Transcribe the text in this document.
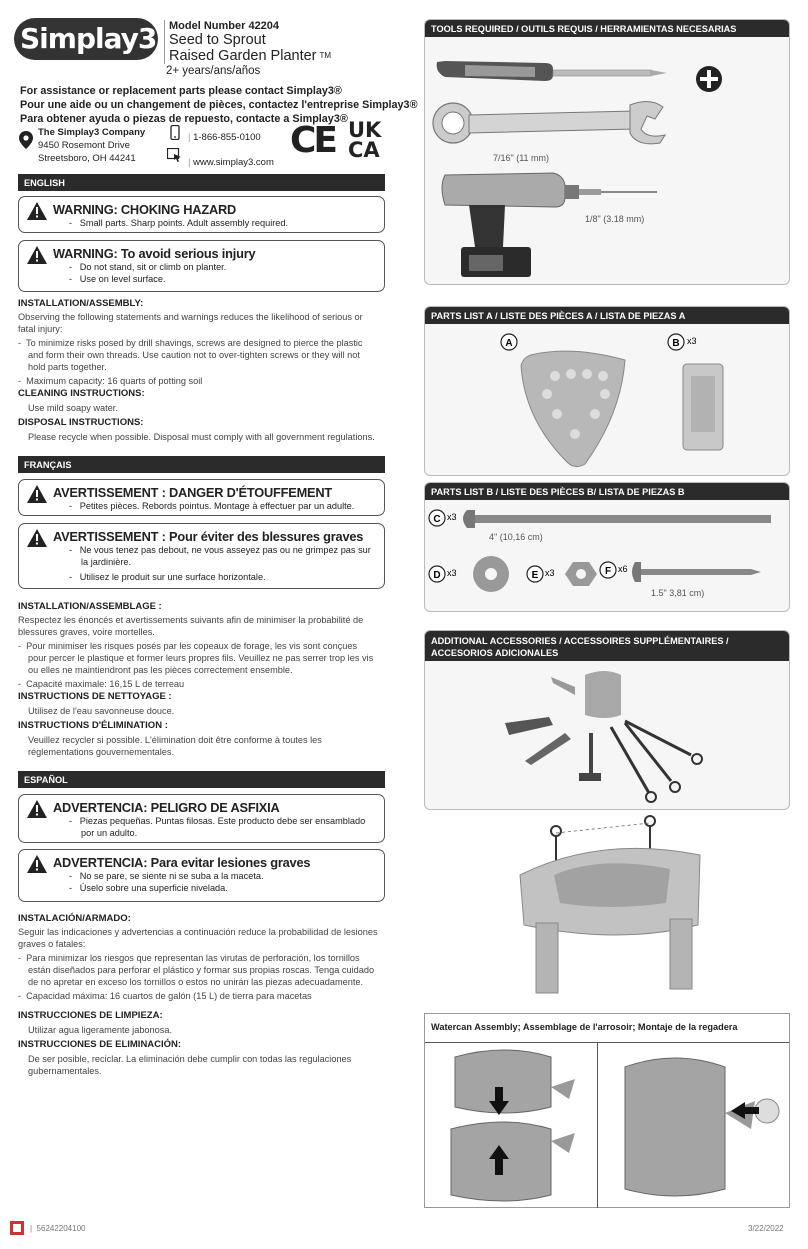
Simplay3 Model Number 42204
Seed to Sprout
Raised Garden Planter TM
2+ years/ans/años
For assistance or replacement parts please contact Simplay3®
Pour une aide ou un changement de pièces, contactez l'entreprise Simplay3®
Para obtener ayuda o piezas de repuesto, contacte a Simplay3®
The Simplay3 Company
9450 Rosemont Drive
Streetsboro, OH 44241
| 1-866-855-0100
| www.simplay3.com
CE UK
CA
ENGLISH
WARNING: CHOKING HAZARD
-   Small parts. Sharp points. Adult assembly required.
WARNING: To avoid serious injury
-   Do not stand, sit or climb on planter.
-   Use on level surface.
INSTALLATION/ASSEMBLY:
Observing the following statements and warnings reduces the likelihood of serious or fatal injury:
-  To minimize risks posed by drill shavings, screws are designed to pierce the plastic and form their own threads. Use caution not to over-tighten screws or they will not hold parts together.
-  Maximum capacity: 16 quarts of potting soil
CLEANING INSTRUCTIONS:
Use mild soapy water.
DISPOSAL INSTRUCTIONS:
Please recycle when possible. Disposal must comply with all government regulations.
FRANÇAIS
AVERTISSEMENT : DANGER D'ÉTOUFFEMENT
-   Petites pièces. Rebords pointus. Montage à effectuer par un adulte.
AVERTISSEMENT : Pour éviter des blessures graves
-   Ne vous tenez pas debout, ne vous asseyez pas ou ne grimpez pas sur la jardinière.
-   Utilisez le produit sur une surface horizontale.
INSTALLATION/ASSEMBLAGE :
Respectez les énoncés et avertissements suivants afin de minimiser la probabilité de blessures graves, voire mortelles.
-  Pour minimiser les risques posés par les copeaux de forage, les vis sont conçues pour percer le plastique et former leurs propres fils. Veuillez ne pas serrer trop les vis ou elles ne maintiendront pas les pièces correctement ensemble.
-  Capacité maximale: 16,15 L de terreau
INSTRUCTIONS DE NETTOYAGE :
Utilisez de l'eau savonneuse douce.
INSTRUCTIONS D'ÉLIMINATION :
Veuillez recycler si possible. L'élimination doit être conforme à toutes les réglementations gouvernementales.
ESPAÑOL
ADVERTENCIA: PELIGRO DE ASFIXIA
-   Piezas pequeñas. Puntas filosas. Este producto debe ser ensamblado por un adulto.
ADVERTENCIA: Para evitar lesiones graves
-   No se pare, se siente ni se suba a la maceta.
-   Úselo sobre una superficie nivelada.
INSTALACIÓN/ARMADO:
Seguir las indicaciones y advertencias a continuación reduce la probabilidad de lesiones graves o fatales:
-  Para minimizar los riesgos que representan las virutas de perforación, los tornillos están diseñados para perforar el plástico y formar sus propias roscas. Tenga cuidado de no apretar en exceso los tornillos o estos no unirán las piezas adecuadamente.
-  Capacidad máxima: 16 cuartos de galón (15 L) de tierra para macetas
INSTRUCCIONES DE LIMPIEZA:
Utilizar agua ligeramente jabonosa.
INSTRUCCIONES DE ELIMINACIÓN:
De ser posible, reciclar. La eliminación debe cumplir con todas las regulaciones gubernamentales.
TOOLS REQUIRED / OUTILS REQUIS / HERRAMIENTAS NECESARIAS
7/16" (11 mm)
1/8" (3.18 mm)
PARTS LIST A / LISTE DES PIÈCES A / LISTA DE PIEZAS A
A	B x3
PARTS LIST B / LISTE DES PIÈCES B/ LISTA DE PIEZAS B
C x3
4" (10,16 cm)
D x3	E x3	F x6
1.5" 3,81 cm)
ADDITIONAL ACCESSORIES / ACCESSOIRES SUPPLÉMENTAIRES /
ACCESORIOS ADICIONALES
Watercan Assembly; Assemblage de l'arrosoir; Montaje de la regadera
|  56242204100	3/22/2022
